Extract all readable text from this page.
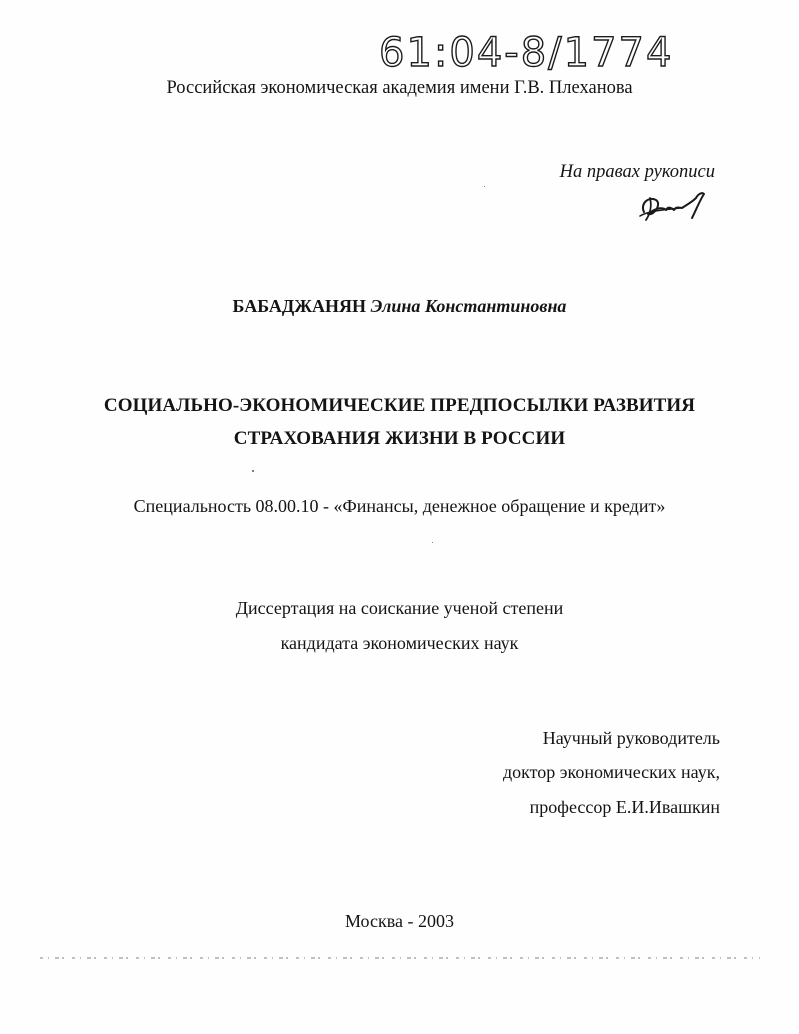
61:04-8/1774
Российская экономическая академия имени Г.В. Плеханова
На правах рукописи
БАБАДЖАНЯН Элина Константиновна
СОЦИАЛЬНО-ЭКОНОМИЧЕСКИЕ ПРЕДПОСЫЛКИ РАЗВИТИЯ
СТРАХОВАНИЯ ЖИЗНИ В РОССИИ
Специальность 08.00.10 - «Финансы, денежное обращение и кредит»
Диссертация на соискание ученой степени
кандидата экономических наук
Научный руководитель
доктор экономических наук,
профессор Е.И.Ивашкин
Москва - 2003
